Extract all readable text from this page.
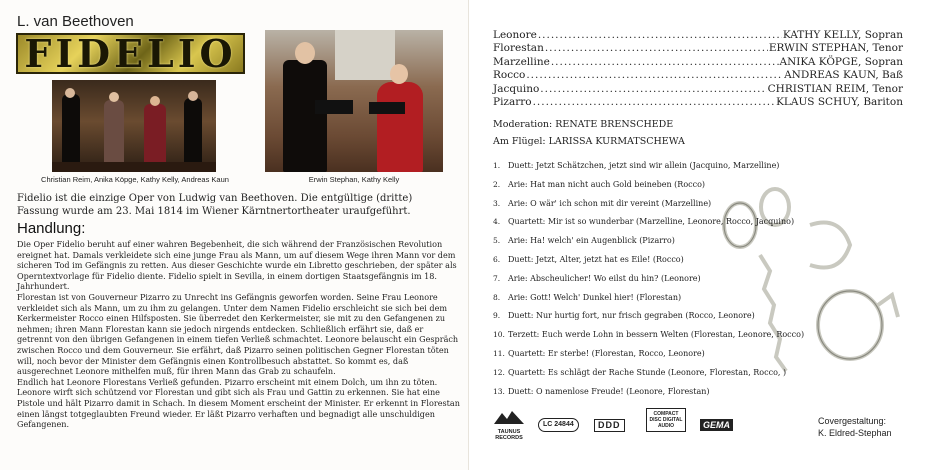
L. van Beethoven
FIDELIO
Christian Reim, Anika Köpge, Kathy Kelly, Andreas Kaun	Erwin Stephan, Kathy Kelly
Fidelio ist die einzige Oper von Ludwig van Beethoven. Die entgültige (dritte) Fassung wurde am 23. Mai 1814 im Wiener Kärntnertortheater uraufgeführt.
Handlung:

Die Oper Fidelio beruht auf einer wahren Begebenheit, die sich während der Französischen Revolution ereignet hat. Damals verkleidete sich eine junge Frau als Mann, um auf diesem Wege ihren Mann vor dem sicheren Tod im Gefängnis zu retten. Aus dieser Geschichte wurde ein Libretto geschrieben, der später als Operntextvorlage für Fidelio diente. Fidelio spielt in Sevilla, in einem dortigen Staatsgefängnis im 18. Jahrhundert.

Florestan ist von Gouverneur Pizarro zu Unrecht ins Gefängnis geworfen worden. Seine Frau Leonore verkleidet sich als Mann, um zu ihm zu gelangen. Unter dem Namen Fidelio erschleicht sie sich bei dem Kerkermeister Rocco einen Hilfsposten. Sie überredet den Kerkermeister, sie mit zu den Gefangenen zu nehmen; ihren Mann Florestan kann sie jedoch nirgends entdecken. Schließlich erfährt sie, daß er getrennt von den übrigen Gefangenen in einem tiefen Verließ schmachtet. Leonore belauscht ein Gespräch zwischen Rocco und dem Gouverneur. Sie erfährt, daß Pizarro seinen politischen Gegner Florestan töten will, noch bevor der Minister dem Gefängnis einen Kontrollbesuch abstattet. So kommt es, daß ausgerechnet Leonore mithelfen muß, für ihren Mann das Grab zu schaufeln.

Endlich hat Leonore Florestans Verließ gefunden. Pizarro erscheint mit einem Dolch, um ihn zu töten. Leonore wirft sich schützend vor Florestan und gibt sich als Frau und Gattin zu erkennen. Sie hat eine Pistole und hält Pizarro damit in Schach. In diesem Moment erscheint der Minister. Er erkennt in Florestan einen längst totgeglaubten Freund wieder. Er läßt Pizarro verhaften und begnadigt alle unschuldigen Gefangenen.

Leonore .....	KATHY KELLY, Sopran
Florestan .....	ERWIN STEPHAN, Tenor
Marzelline .....	ANIKA KÖPGE, Sopran
Rocco .....	ANDREAS KAUN, Baß
Jacquino .....	CHRISTIAN REIM, Tenor
Pizarro .....	KLAUS SCHUY, Bariton
Moderation: RENATE BRENSCHEDE
Am Flügel: LARISSA KURMATSCHEWA
1. Duett: Jetzt Schätzchen, jetzt sind wir allein (Jacquino, Marzelline)
2. Arie: Hat man nicht auch Gold beineben (Rocco)
3. Arie: O wär' ich schon mit dir vereint (Marzelline)
4. Quartett: Mir ist so wunderbar (Marzelline, Leonore, Rocco, Jacquino)
5. Arie: Ha! welch' ein Augenblick (Pizarro)
6. Duett: Jetzt, Alter, jetzt hat es Eile! (Rocco)
7. Arie: Abscheulicher! Wo eilst du hin? (Leonore)
8. Arie: Gott! Welch' Dunkel hier! (Florestan)
9. Duett: Nur hurtig fort, nur frisch gegraben (Rocco, Leonore)
10. Terzett: Euch werde Lohn in bessern Welten (Florestan, Leonore, Rocco)
11. Quartett: Er sterbe! (Florestan, Rocco, Leonore)
12. Quartett: Es schlägt der Rache Stunde (Leonore, Florestan, Rocco, )
13. Duett: O namenlose Freude! (Leonore, Florestan)
TAUNUS RECORDS
LC 24844	DDD
COMPACT DISC DIGITAL AUDIO	GEMA	Covergestaltung:
K. Eldred-Stephan
